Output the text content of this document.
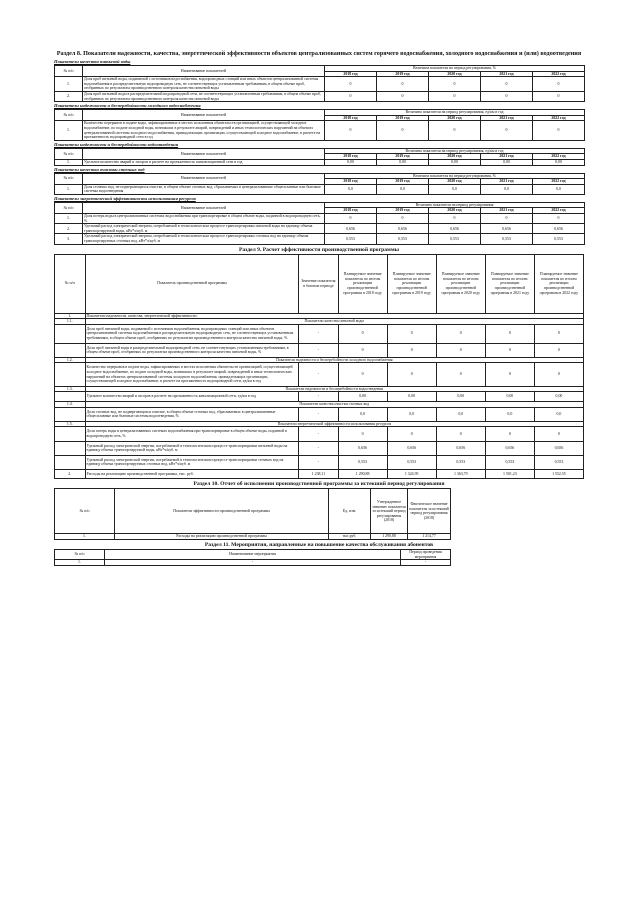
Раздел 8. Показатели надежности, качества, энергетической эффективности объектов централизованных систем горячего водоснабжения, холодного водоснабжения и (или) водоотведения
Показатели качества питьевой воды
№ п/п	Наименование показателей	Величина показателя на период регулирования, %				
		2018 год	2019 год	2020 год	2021 год	2022 год
1.	Доля проб питьевой воды, подаваемой с источников водоснабжения, водопроводных станций или иных объектов централизованной системы водоснабжения в распределительную водопроводную сеть, не соответствующих установленным требованиям, в общем объеме проб, отобранных по результатам производственного контроля качества питьевой воды	0	0	0	0	0
2.	Доля проб питьевой воды в распределительной водопроводной сети, не соответствующих установленным требованиям, в общем объеме проб, отобранных по результатам производственного контроля качества питьевой воды	0	0	0	0	0
Показатели надежности и бесперебойности холодного водоснабжения
№ п/п	Наименование показателей	Величина показателя на период регулирования, ед/км в год				
		2018 год	2019 год	2020 год	2021 год	2022 год
1.	Количество перерывов в подаче воды, зафиксированных в местах исполнения обязательств организацией, осуществляющей холодное водоснабжение, по подаче холодной воды, возникших в результате аварий, повреждений и иных технологических нарушений на объектах централизованной системы холодного водоснабжения, принадлежащих организации, осуществляющей холодное водоснабжение, в расчете на протяженность водопроводной сети в год	0	0	0	0	0
Показатели надежности и бесперебойности водоотведения
№ п/п	Наименование показателей	Величина показателя на период регулирования, ед/км в год				
		2018 год	2019 год	2020 год	2021 год	2022 год
1.	Удельное количество аварий и засоров в расчете на протяженность канализационной сети в год	0,00	0,00	0,00	0,00	0,00
Показатели качества очистки сточных вод
№ п/п	Наименование показателей	Величина показателя на период регулирования, %				
		2018 год	2019 год	2020 год	2021 год	2022 год
1.	Доля сточных вод, не подвергающихся очистке, в общем объеме сточных вод, сбрасываемых в централизованные общесплавные или бытовые системы водоотведения	0,0	0,0	0,0	0,0	0,0
Показатели энергетической эффективности использования ресурсов
№ п/п	Наименование показателей	Величина показателя на период регулирования				
		2018 год	2019 год	2020 год	2021 год	2022 год
1.	Доля потерь воды в централизованных системах водоснабжения при транспортировке в общем объеме воды, поданной в водопроводную сеть, %	0	0	0	0	0
2.	Удельный расход электрической энергии, потребляемой в технологическом процессе транспортировки питьевой воды на единицу объема транспортируемой воды, кВт*ч/куб. м	0,656	0,656	0,656	0,656	0,656
3.	Удельный расход электрической энергии, потребляемой в технологическом процессе транспортировки сточных вод на единицу объема транспортируемых сточных вод, кВт*ч/куб. м	0,553	0,553	0,553	0,553	0,553
Раздел 9. Расчет эффективности производственной программы
№ п/п	Показатель производственной программы	Значение показателя в базовом периоде	Планируемое значение показателя по итогам реализации производственной программы в 2018 году	Планируемое значение показателя по итогам реализации производственной программы в 2019 году	Планируемое значение показателя по итогам реализации производственной программы в 2020 году	Планируемое значение показателя по итогам реализации производственной программы в 2021 году	Планируемое значение показателя по итогам реализации производственной программы в 2022 году
1.	Показатели надежности, качества, энергетической эффективности:						
1.1.	Показатели качества питьевой воды						
	Доля проб питьевой воды, подаваемой с источников водоснабжения, водопроводных станций или иных объектов централизованной системы водоснабжения в распределительную водопроводную сеть, не соответствующих установленным требованиям, в общем объеме проб, отобранных по результатам производственного контроля качества питьевой воды, %	-	0	0	0	0	0
	Доля проб питьевой воды в распределительной водопроводной сети, не соответствующих установленным требованиям, в общем объеме проб, отобранных по результатам производственного контроля качества питьевой воды, %	-	0	0	0	0	0
1.2.	Показатели надежности и бесперебойности холодного водоснабжения						
	Количество перерывов в подаче воды, зафиксированных в местах исполнения обязательств организацией, осуществляющей холодное водоснабжение, по подаче холодной воды, возникших в результате аварий, повреждений и иных технологических нарушений на объектах централизованной системы холодного водоснабжения, принадлежащих организации, осуществляющей холодное водоснабжение, в расчете на протяженность водопроводной сети, ед/км в год	-	0	0	0	0	0
1.3.	Показатели надежности и бесперебойности водоотведения						
	Удельное количество аварий и засоров в расчете на протяженность канализационной сети, ед/км в год	-	0,00	0,00	0,00	0,00	0,00
1.4.	Показатели качества очистки сточных вод						
	Доля сточных вод, не подвергающихся очистке, в общем объеме сточных вод, сбрасываемых в централизованные общесплавные или бытовые системы водоотведения, %	-	0,0	0,0	0,0	0,0	0,0
1.5.	Показатели энергетической эффективности использования ресурсов						
	Доля потерь воды в централизованных системах водоснабжения при транспортировке в общем объеме воды, поданной в водопроводную сеть, %	-	0	0	0	0	0
	Удельный расход электрической энергии, потребляемой в технологическом процессе транспортировки питьевой воды на единицу объема транспортируемой воды, кВт*ч/куб. м	-	0,656	0,656	0,656	0,656	0,656
	Удельный расход электрической энергии, потребляемой в технологическом процессе транспортировки сточных вод на единицу объема транспортируемых сточных вод, кВт*ч/куб. м	-	0,553	0,553	0,553	0,553	0,553
2.	Расходы на реализацию производственной программы, тыс. руб.	1 238,11	1 290,88	1 324,95	1 363,79	1 501,23	1 552,55
Раздел 10. Отчет об исполнении производственной программы за истекший период регулирования
№ п/п	Показатели эффективности производственной программы	Ед. изм.	Утвержденное значение показателя за истекший период регулирования (2018)	Фактическое значение показателя за истекший период регулирования (2018)
1.	Расходы на реализацию производственной программы	тыс.руб.	1 290,88	1 214,77
Раздел 11. Мероприятия, направленные на повышение качества обслуживания абонентов
№ п/п	Наименование мероприятия	Период проведения мероприятия
1.	-	-
